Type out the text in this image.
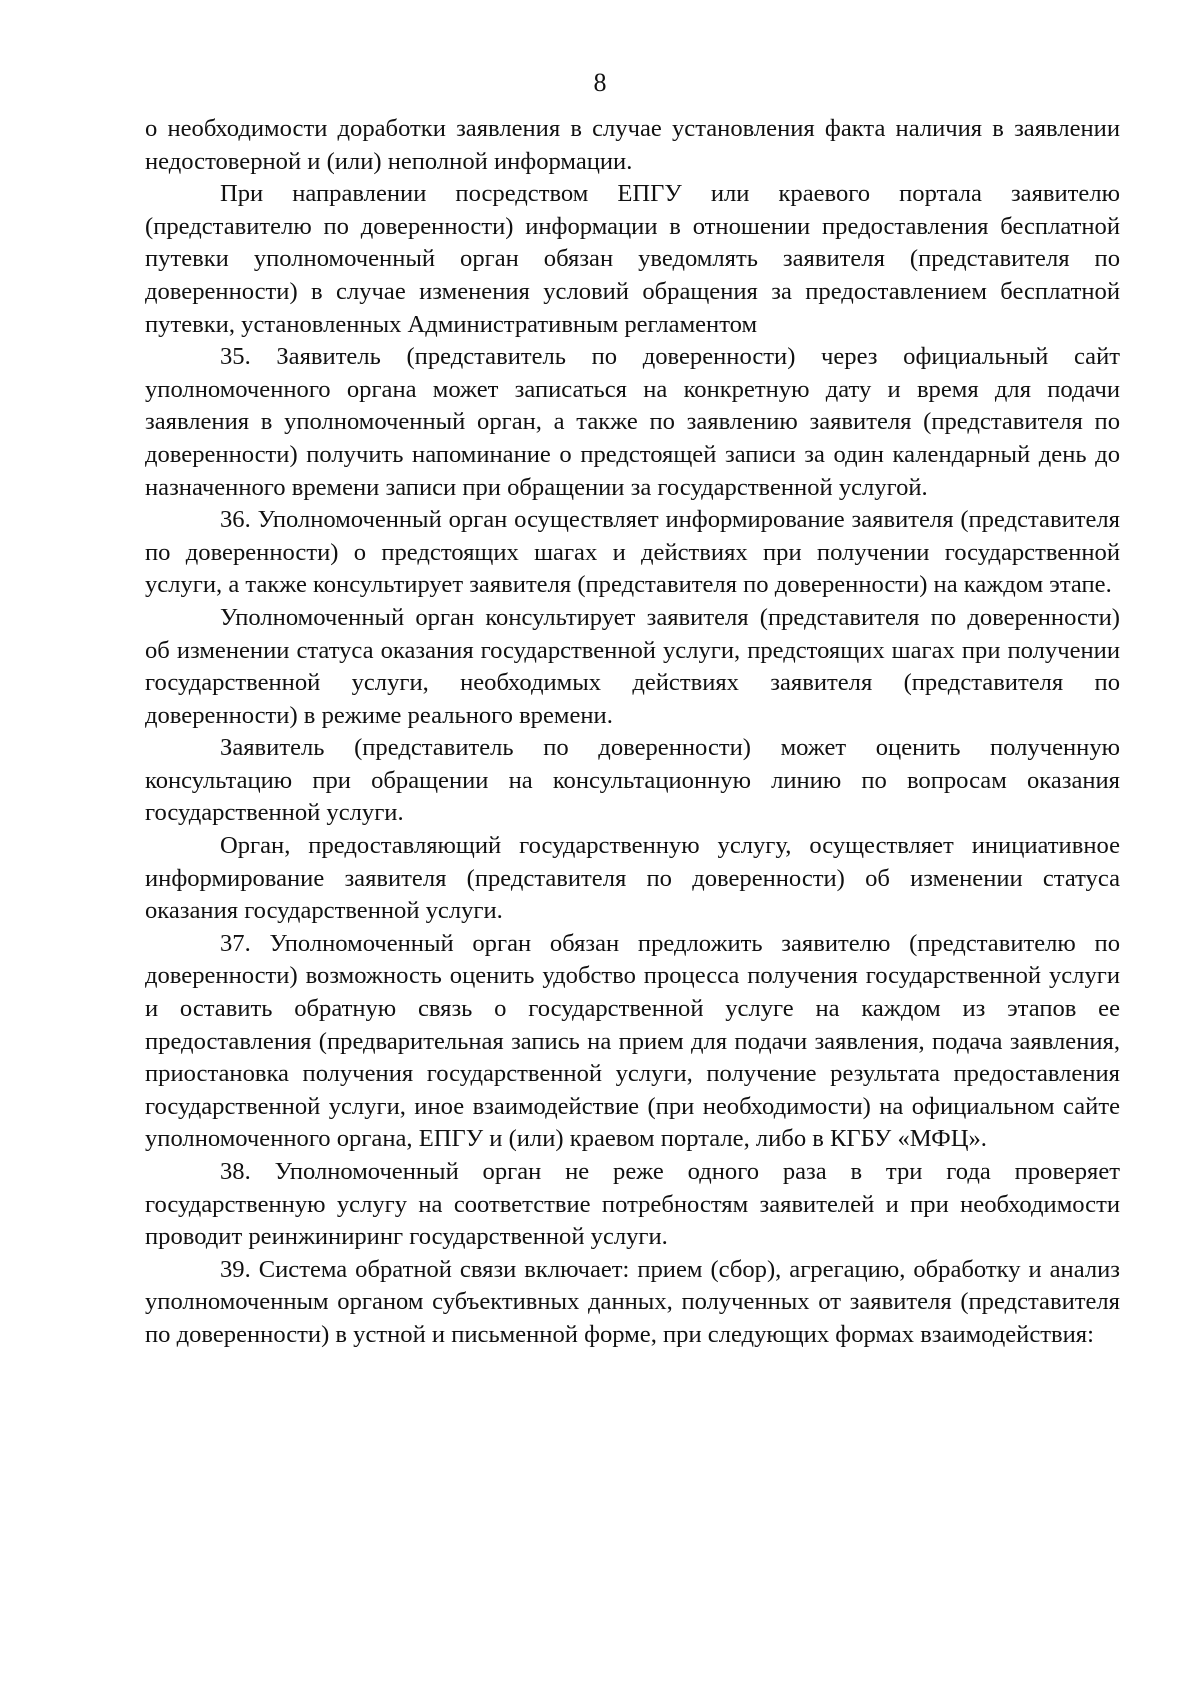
8

о необходимости доработки заявления в случае установления факта наличия в заявлении недостоверной и (или) неполной информации.

При направлении посредством ЕПГУ или краевого портала заявителю (представителю по доверенности) информации в отношении предоставления бесплатной путевки уполномоченный орган обязан уведомлять заявителя (представителя по доверенности) в случае изменения условий обращения за предоставлением бесплатной путевки, установленных Административным регламентом

35. Заявитель (представитель по доверенности) через официальный сайт уполномоченного органа может записаться на конкретную дату и время для подачи заявления в уполномоченный орган, а также по заявлению заявителя (представителя по доверенности) получить напоминание о предстоящей записи за один календарный день до назначенного времени записи при обращении за государственной услугой.

36. Уполномоченный орган осуществляет информирование заявителя (представителя по доверенности) о предстоящих шагах и действиях при получении государственной услуги, а также консультирует заявителя (представителя по доверенности) на каждом этапе.

Уполномоченный орган консультирует заявителя (представителя по доверенности) об изменении статуса оказания государственной услуги, предстоящих шагах при получении государственной услуги, необходимых действиях заявителя (представителя по доверенности) в режиме реального времени.

Заявитель (представитель по доверенности) может оценить полученную консультацию при обращении на консультационную линию по вопросам оказания государственной услуги.

Орган, предоставляющий государственную услугу, осуществляет инициативное информирование заявителя (представителя по доверенности) об изменении статуса оказания государственной услуги.

37. Уполномоченный орган обязан предложить заявителю (представителю по доверенности) возможность оценить удобство процесса получения государственной услуги и оставить обратную связь о государственной услуге на каждом из этапов ее предоставления (предварительная запись на прием для подачи заявления, подача заявления, приостановка получения государственной услуги, получение результата предоставления государственной услуги, иное взаимодействие (при необходимости) на официальном сайте уполномоченного органа, ЕПГУ и (или) краевом портале, либо в КГБУ «МФЦ».

38. Уполномоченный орган не реже одного раза в три года проверяет государственную услугу на соответствие потребностям заявителей и при необходимости проводит реинжиниринг государственной услуги.

39. Система обратной связи включает: прием (сбор), агрегацию, обработку и анализ уполномоченным органом субъективных данных, полученных от заявителя (представителя по доверенности) в устной и письменной форме, при следующих формах взаимодействия:
